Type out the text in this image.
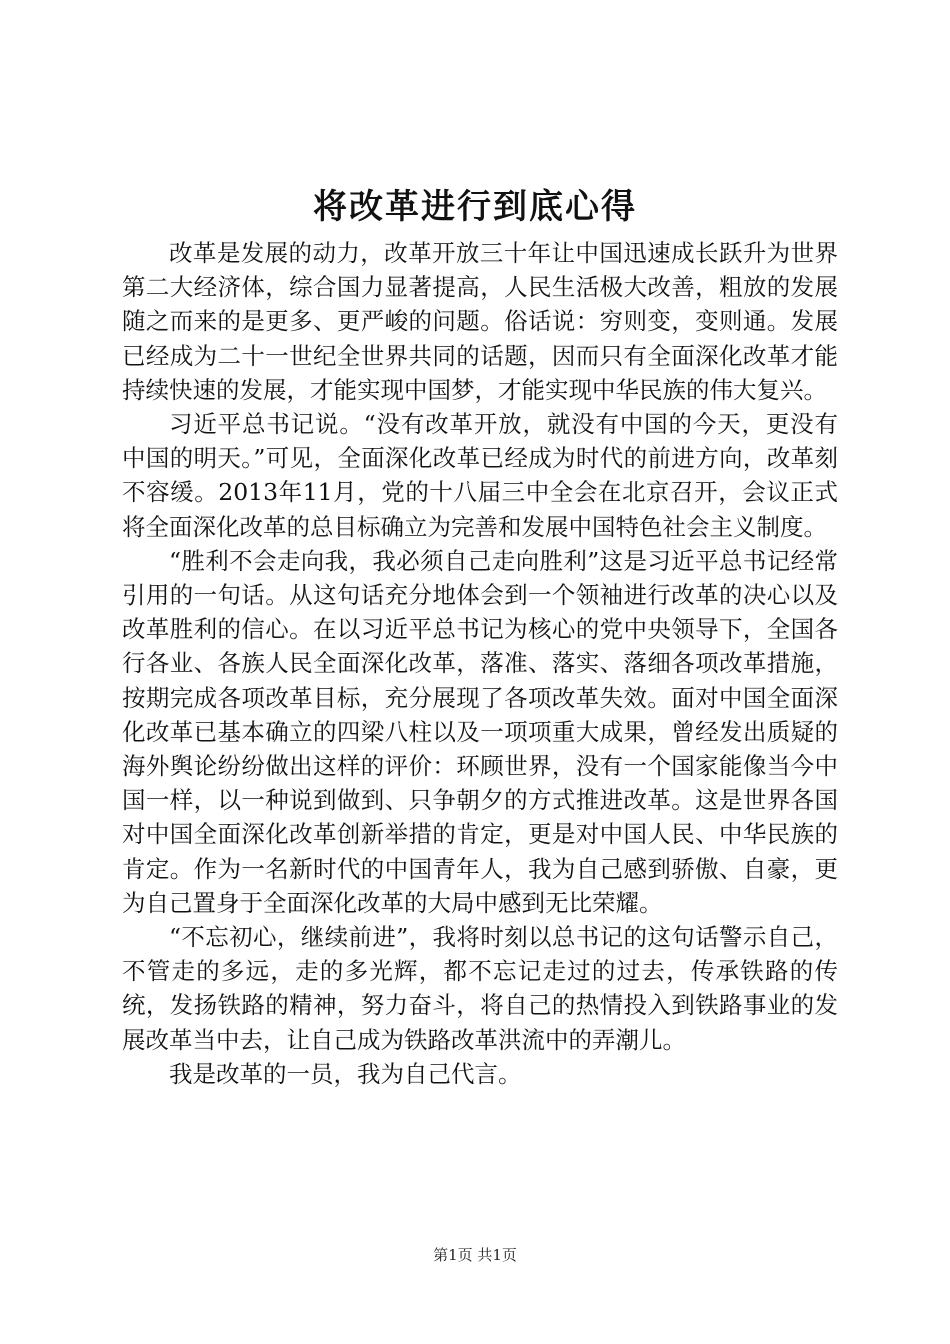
将改革进行到底心得

改革是发展的动力，改革开放三十年让中国迅速成长跃升为世界第二大经济体，综合国力显著提高，人民生活极大改善，粗放的发展随之而来的是更多、更严峻的问题。俗话说：穷则变，变则通。发展已经成为二十一世纪全世界共同的话题，因而只有全面深化改革才能持续快速的发展，才能实现中国梦，才能实现中华民族的伟大复兴。

习近平总书记说。“没有改革开放，就没有中国的今天，更没有中国的明天。”可见，全面深化改革已经成为时代的前进方向，改革刻不容缓。2013年11月，党的十八届三中全会在北京召开，会议正式将全面深化改革的总目标确立为完善和发展中国特色社会主义制度。

“胜利不会走向我，我必须自己走向胜利”这是习近平总书记经常引用的一句话。从这句话充分地体会到一个领袖进行改革的决心以及改革胜利的信心。在以习近平总书记为核心的党中央领导下，全国各行各业、各族人民全面深化改革，落准、落实、落细各项改革措施，按期完成各项改革目标，充分展现了各项改革失效。面对中国全面深化改革已基本确立的四梁八柱以及一项项重大成果，曾经发出质疑的海外舆论纷纷做出这样的评价：环顾世界，没有一个国家能像当今中国一样，以一种说到做到、只争朝夕的方式推进改革。这是世界各国对中国全面深化改革创新举措的肯定，更是对中国人民、中华民族的肯定。作为一名新时代的中国青年人，我为自己感到骄傲、自豪，更为自己置身于全面深化改革的大局中感到无比荣耀。

“不忘初心，继续前进”，我将时刻以总书记的这句话警示自己，不管走的多远，走的多光辉，都不忘记走过的过去，传承铁路的传统，发扬铁路的精神，努力奋斗，将自己的热情投入到铁路事业的发展改革当中去，让自己成为铁路改革洪流中的弄潮儿。

我是改革的一员，我为自己代言。

第1页 共1页
